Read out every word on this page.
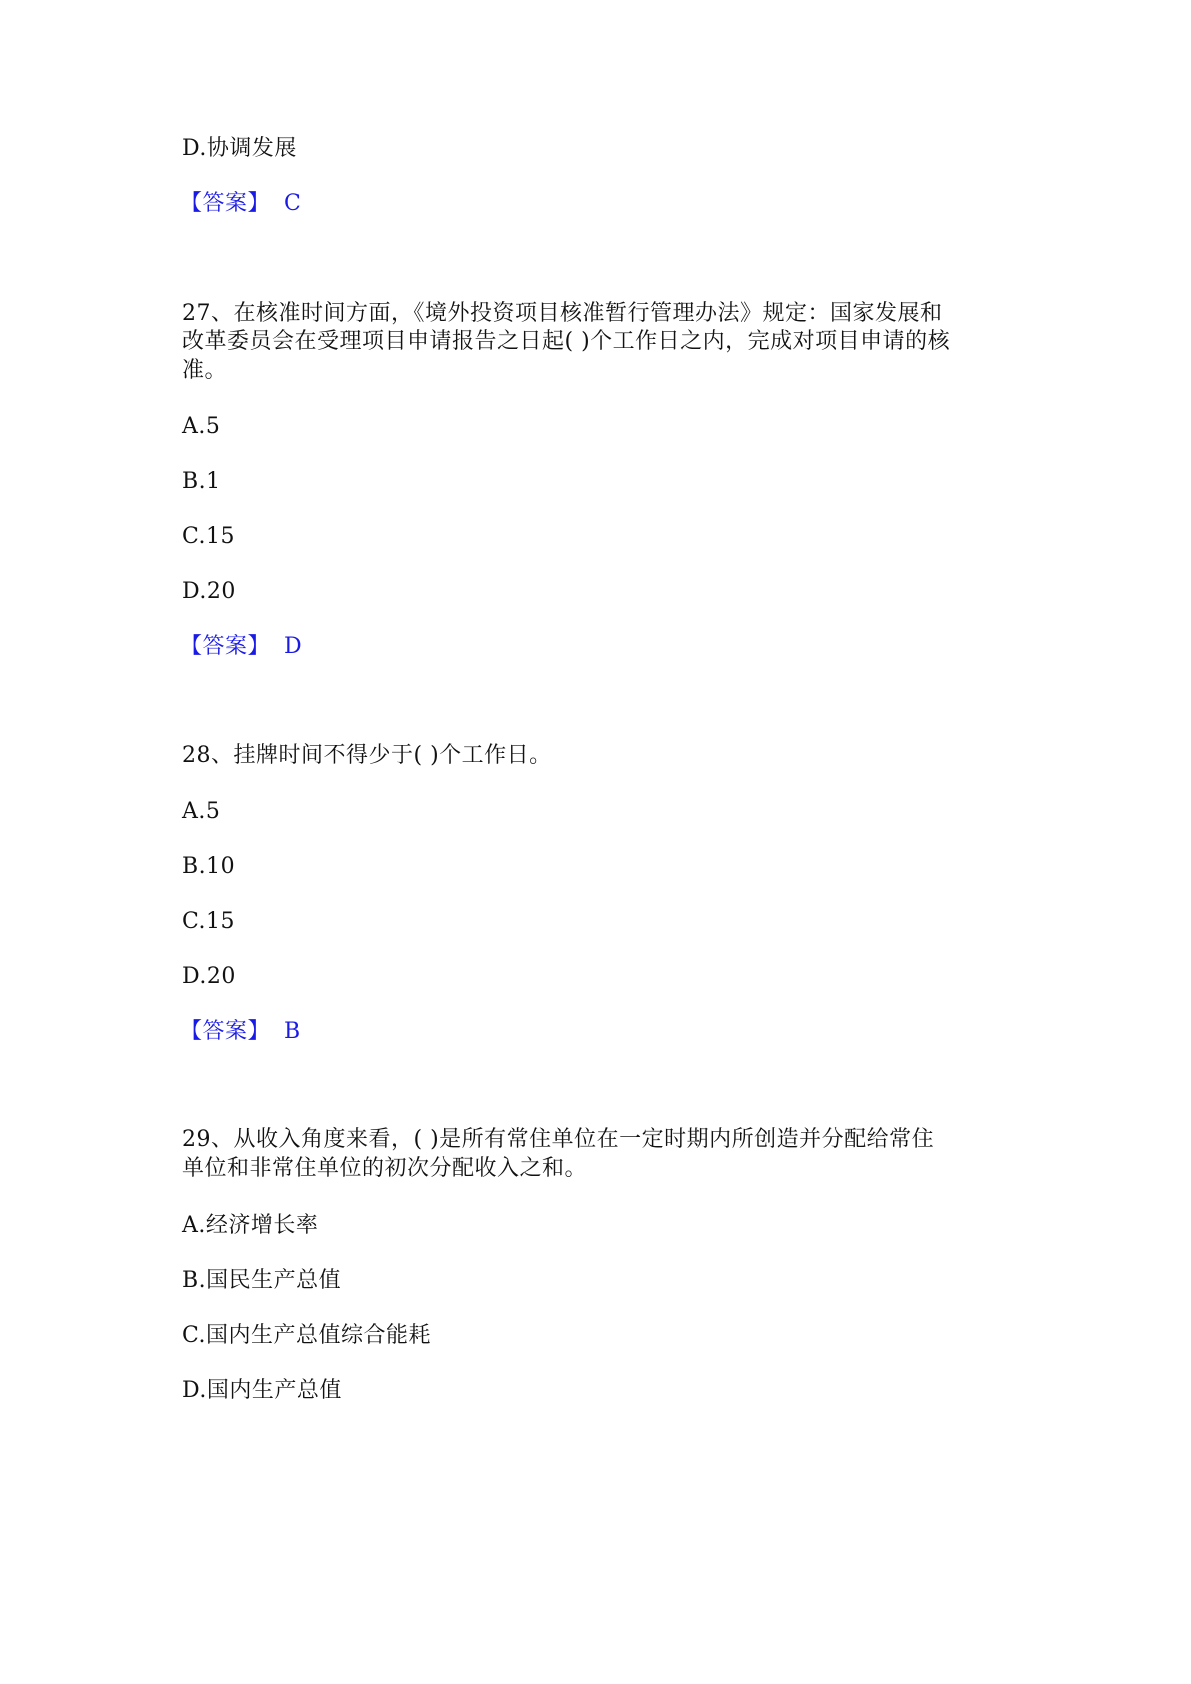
D.协调发展
【答案】 C
27、在核准时间方面，《境外投资项目核准暂行管理办法》规定：国家发展和
改革委员会在受理项目申请报告之日起( )个工作日之内，完成对项目申请的核
准。
A.5
B.1
C.15
D.20
【答案】 D
28、挂牌时间不得少于( )个工作日。
A.5
B.10
C.15
D.20
【答案】 B
29、从收入角度来看，( )是所有常住单位在一定时期内所创造并分配给常住
单位和非常住单位的初次分配收入之和。
A.经济增长率
B.国民生产总值
C.国内生产总值综合能耗
D.国内生产总值
